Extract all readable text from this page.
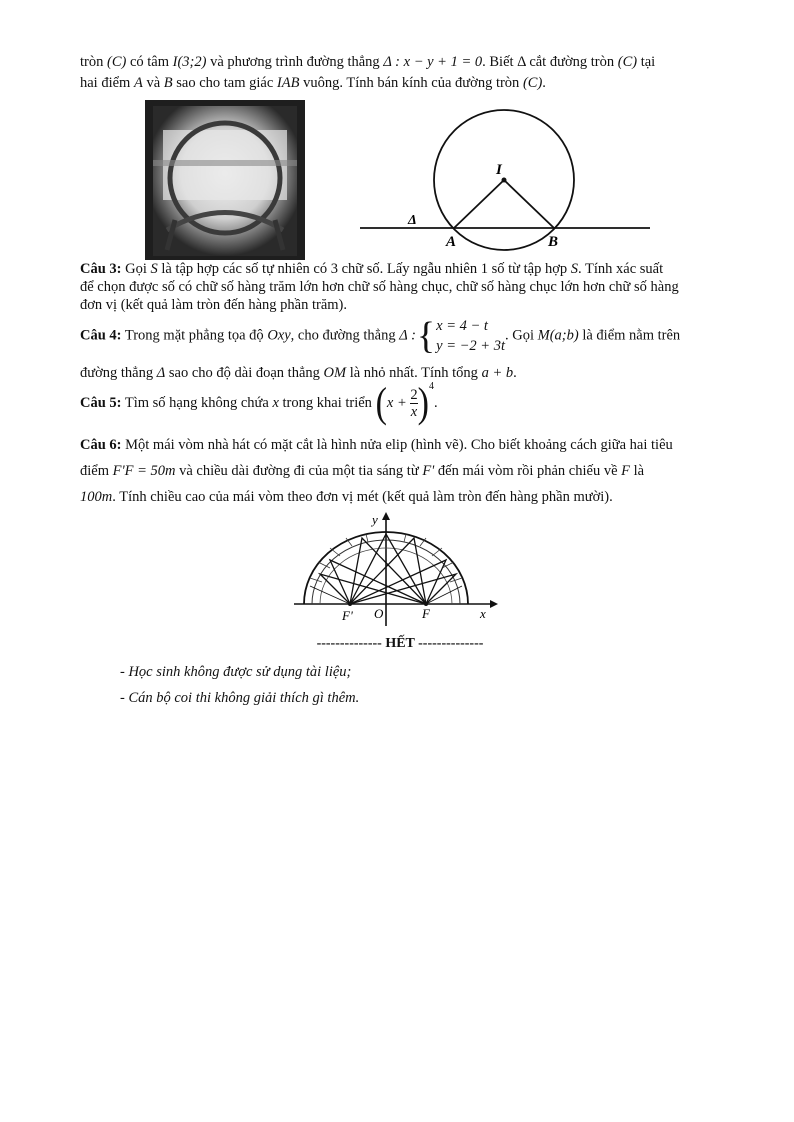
tròn (C) có tâm I(3;2) và phương trình đường thẳng Δ : x − y + 1 = 0. Biết Δ cắt đường tròn (C) tại
hai điểm A và B sao cho tam giác IAB vuông. Tính bán kính của đường tròn (C).
I
A	B
Δ
Câu 3: Gọi S là tập hợp các số tự nhiên có 3 chữ số. Lấy ngẫu nhiên 1 số từ tập hợp S. Tính xác suất
để chọn được số có chữ số hàng trăm lớn hơn chữ số hàng chục, chữ số hàng chục lớn hơn chữ số hàng
đơn vị (kết quả làm tròn đến hàng phần trăm).
Câu 4: Trong mặt phẳng tọa độ Oxy, cho đường thẳng Δ :{x = 4 − t
y = −2 + 3t. Gọi M(a;b) là điểm nằm trên
đường thẳng Δ sao cho độ dài đoạn thẳng OM là nhỏ nhất. Tính tổng a + b.
Câu 5: Tìm số hạng không chứa x trong khai triển $(x + \frac{2}{x} )^4$.
Câu 6: Một mái vòm nhà hát có mặt cắt là hình nửa elip (hình vẽ). Cho biết khoảng cách giữa hai tiêu
điểm F'F = 50m và chiều dài đường đi của một tia sáng từ F' đến mái vòm rồi phản chiếu về F là
100m. Tính chiều cao của mái vòm theo đơn vị mét (kết quả làm tròn đến hàng phần mười).
y
x
F' O	F
-------------- HẾT --------------
- Học sinh không được sử dụng tài liệu;
- Cán bộ coi thi không giải thích gì thêm.
